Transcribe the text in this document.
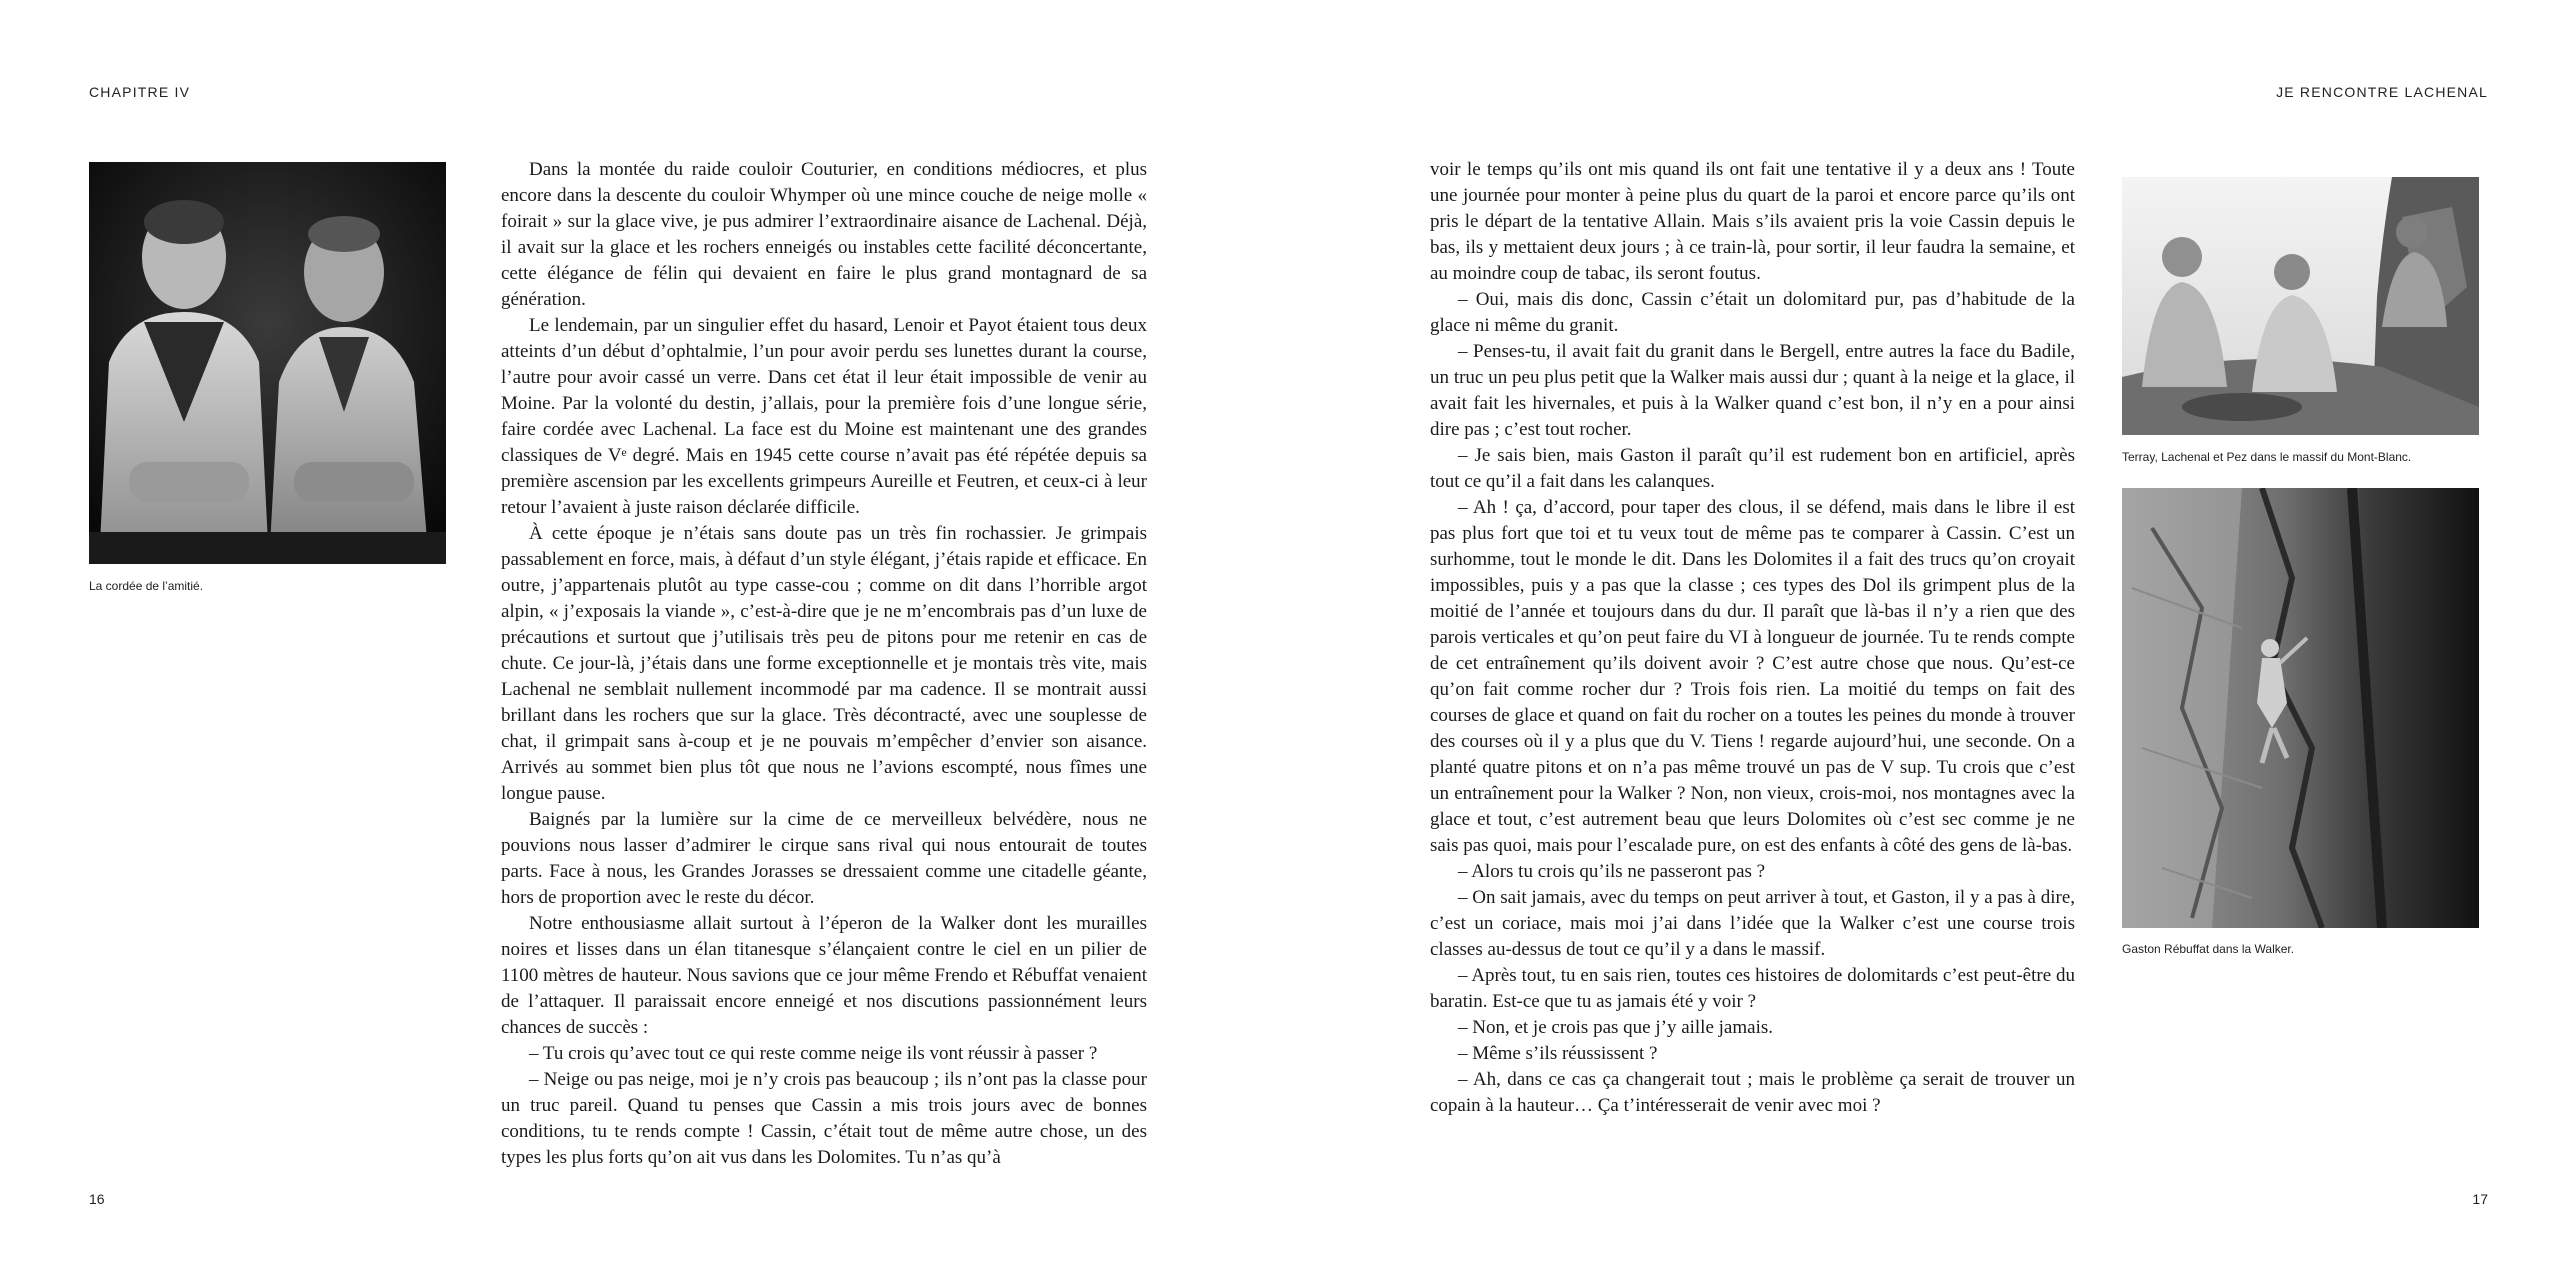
CHAPITRE IV
La cordée de l’amitié.

Dans la montée du raide couloir Couturier, en conditions médiocres, et plus encore dans la descente du couloir Whymper où une mince couche de neige molle « foirait » sur la glace vive, je pus admirer l’extraordinaire aisance de Lachenal. Déjà, il avait sur la glace et les rochers enneigés ou instables cette facilité déconcertante, cette élégance de félin qui devaient en faire le plus grand montagnard de sa génération.

Le lendemain, par un singulier effet du hasard, Lenoir et Payot étaient tous deux atteints d’un début d’ophtalmie, l’un pour avoir perdu ses lunettes durant la course, l’autre pour avoir cassé un verre. Dans cet état il leur était impossible de venir au Moine. Par la volonté du destin, j’allais, pour la première fois d’une longue série, faire cordée avec Lachenal. La face est du Moine est maintenant une des grandes classiques de Vᵉ degré. Mais en 1945 cette course n’avait pas été répétée depuis sa première ascension par les excellents grimpeurs Aureille et Feutren, et ceux-ci à leur retour l’avaient à juste raison déclarée difficile.

À cette époque je n’étais sans doute pas un très fin rochassier. Je grimpais passablement en force, mais, à défaut d’un style élégant, j’étais rapide et efficace. En outre, j’appartenais plutôt au type casse-cou ; comme on dit dans l’horrible argot alpin, « j’exposais la viande », c’est-à-dire que je ne m’encombrais pas d’un luxe de précautions et surtout que j’utilisais très peu de pitons pour me retenir en cas de chute. Ce jour-là, j’étais dans une forme exceptionnelle et je montais très vite, mais Lachenal ne semblait nullement incommodé par ma cadence. Il se montrait aussi brillant dans les rochers que sur la glace. Très décontracté, avec une souplesse de chat, il grimpait sans à-coup et je ne pouvais m’empêcher d’envier son aisance. Arrivés au sommet bien plus tôt que nous ne l’avions escompté, nous fîmes une longue pause.

Baignés par la lumière sur la cime de ce merveilleux belvédère, nous ne pouvions nous lasser d’admirer le cirque sans rival qui nous entourait de toutes parts. Face à nous, les Grandes Jorasses se dressaient comme une citadelle géante, hors de proportion avec le reste du décor.

Notre enthousiasme allait surtout à l’éperon de la Walker dont les murailles noires et lisses dans un élan titanesque s’élançaient contre le ciel en un pilier de 1100 mètres de hauteur. Nous savions que ce jour même Frendo et Rébuffat venaient de l’attaquer. Il paraissait encore enneigé et nos discutions passionnément leurs chances de succès :

– Tu crois qu’avec tout ce qui reste comme neige ils vont réussir à passer ?

– Neige ou pas neige, moi je n’y crois pas beaucoup ; ils n’ont pas la classe pour un truc pareil. Quand tu penses que Cassin a mis trois jours avec de bonnes conditions, tu te rends compte ! Cassin, c’était tout de même autre chose, un des types les plus forts qu’on ait vus dans les Dolomites. Tu n’as qu’à

16
JE RENCONTRE LACHENAL

voir le temps qu’ils ont mis quand ils ont fait une tentative il y a deux ans ! Toute une journée pour monter à peine plus du quart de la paroi et encore parce qu’ils ont pris le départ de la tentative Allain. Mais s’ils avaient pris la voie Cassin depuis le bas, ils y mettaient deux jours ; à ce train-là, pour sortir, il leur faudra la semaine, et au moindre coup de tabac, ils seront foutus.

– Oui, mais dis donc, Cassin c’était un dolomitard pur, pas d’habitude de la glace ni même du granit.

– Penses-tu, il avait fait du granit dans le Bergell, entre autres la face du Badile, un truc un peu plus petit que la Walker mais aussi dur ; quant à la neige et la glace, il avait fait les hivernales, et puis à la Walker quand c’est bon, il n’y en a pour ainsi dire pas ; c’est tout rocher.

– Je sais bien, mais Gaston il paraît qu’il est rudement bon en artificiel, après tout ce qu’il a fait dans les calanques.

– Ah ! ça, d’accord, pour taper des clous, il se défend, mais dans le libre il est pas plus fort que toi et tu veux tout de même pas te comparer à Cassin. C’est un surhomme, tout le monde le dit. Dans les Dolomites il a fait des trucs qu’on croyait impossibles, puis y a pas que la classe ; ces types des Dol ils grimpent plus de la moitié de l’année et toujours dans du dur. Il paraît que là-bas il n’y a rien que des parois verticales et qu’on peut faire du VI à longueur de journée. Tu te rends compte de cet entraînement qu’ils doivent avoir ? C’est autre chose que nous. Qu’est-ce qu’on fait comme rocher dur ? Trois fois rien. La moitié du temps on fait des courses de glace et quand on fait du rocher on a toutes les peines du monde à trouver des courses où il y a plus que du V. Tiens ! regarde aujourd’hui, une seconde. On a planté quatre pitons et on n’a pas même trouvé un pas de V sup. Tu crois que c’est un entraînement pour la Walker ? Non, non vieux, crois-moi, nos montagnes avec la glace et tout, c’est autrement beau que leurs Dolomites où c’est sec comme je ne sais pas quoi, mais pour l’escalade pure, on est des enfants à côté des gens de là-bas.

– Alors tu crois qu’ils ne passeront pas ?

– On sait jamais, avec du temps on peut arriver à tout, et Gaston, il y a pas à dire, c’est un coriace, mais moi j’ai dans l’idée que la Walker c’est une course trois classes au-dessus de tout ce qu’il y a dans le massif.

– Après tout, tu en sais rien, toutes ces histoires de dolomitards c’est peut-être du baratin. Est-ce que tu as jamais été y voir ?

– Non, et je crois pas que j’y aille jamais.

– Même s’ils réussissent ?

– Ah, dans ce cas ça changerait tout ; mais le problème ça serait de trouver un copain à la hauteur… Ça t’intéresserait de venir avec moi ?

Terray, Lachenal et Pez dans le massif du Mont-Blanc.
Gaston Rébuffat dans la Walker.
17
